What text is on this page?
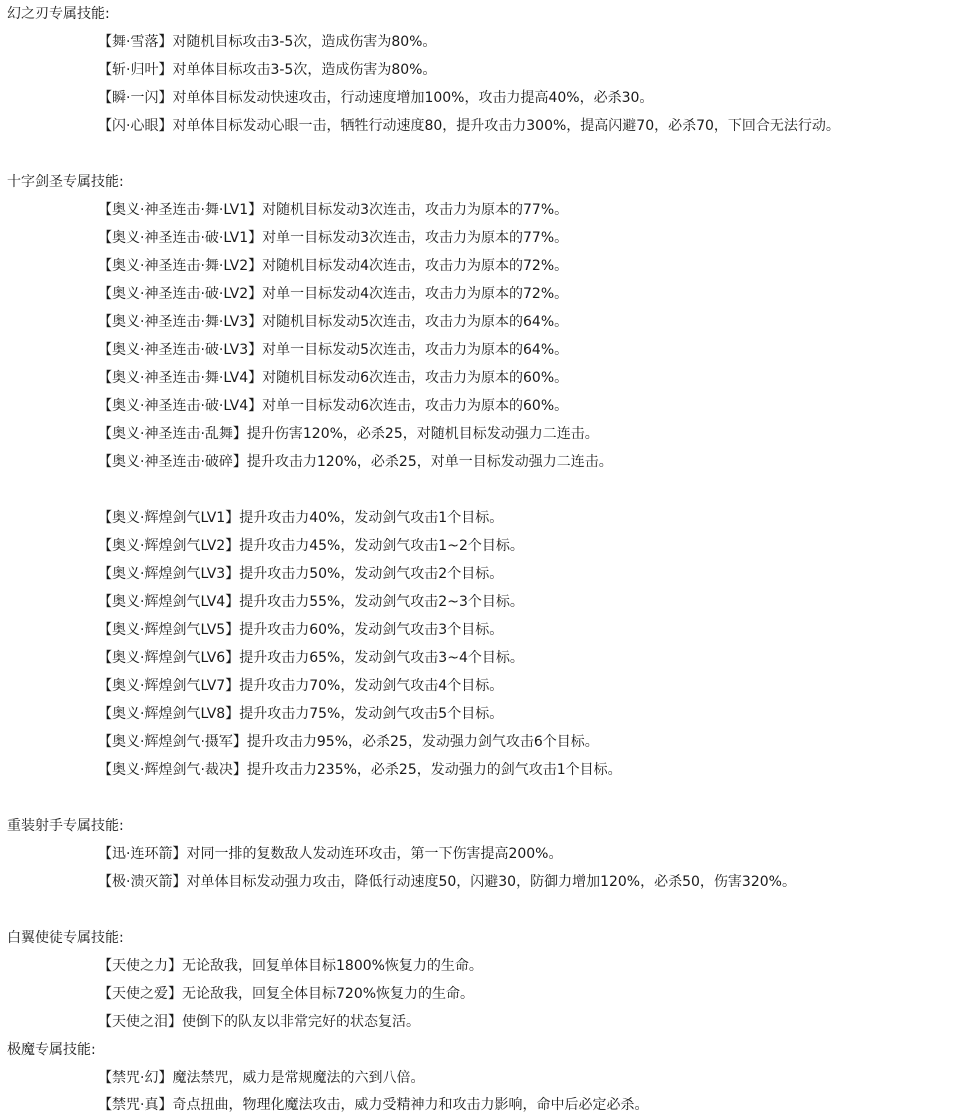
幻之刃专属技能:
【舞·雪落】对随机目标攻击3-5次，造成伤害为80%。
【斩·归叶】对单体目标攻击3-5次，造成伤害为80%。
【瞬·一闪】对单体目标发动快速攻击，行动速度增加100%，攻击力提高40%，必杀30。
【闪·心眼】对单体目标发动心眼一击，牺牲行动速度80，提升攻击力300%，提高闪避70，必杀70，下回合无法行动。
十字剑圣专属技能:
【奥义·神圣连击·舞·LV1】对随机目标发动3次连击，攻击力为原本的77%。
【奥义·神圣连击·破·LV1】对单一目标发动3次连击，攻击力为原本的77%。
【奥义·神圣连击·舞·LV2】对随机目标发动4次连击，攻击力为原本的72%。
【奥义·神圣连击·破·LV2】对单一目标发动4次连击，攻击力为原本的72%。
【奥义·神圣连击·舞·LV3】对随机目标发动5次连击，攻击力为原本的64%。
【奥义·神圣连击·破·LV3】对单一目标发动5次连击，攻击力为原本的64%。
【奥义·神圣连击·舞·LV4】对随机目标发动6次连击，攻击力为原本的60%。
【奥义·神圣连击·破·LV4】对单一目标发动6次连击，攻击力为原本的60%。
【奥义·神圣连击·乱舞】提升伤害120%，必杀25，对随机目标发动强力二连击。
【奥义·神圣连击·破碎】提升攻击力120%，必杀25，对单一目标发动强力二连击。
【奥义·辉煌剑气LV1】提升攻击力40%，发动剑气攻击1个目标。
【奥义·辉煌剑气LV2】提升攻击力45%，发动剑气攻击1~2个目标。
【奥义·辉煌剑气LV3】提升攻击力50%，发动剑气攻击2个目标。
【奥义·辉煌剑气LV4】提升攻击力55%，发动剑气攻击2~3个目标。
【奥义·辉煌剑气LV5】提升攻击力60%，发动剑气攻击3个目标。
【奥义·辉煌剑气LV6】提升攻击力65%，发动剑气攻击3~4个目标。
【奥义·辉煌剑气LV7】提升攻击力70%，发动剑气攻击4个目标。
【奥义·辉煌剑气LV8】提升攻击力75%，发动剑气攻击5个目标。
【奥义·辉煌剑气·摄军】提升攻击力95%，必杀25，发动强力剑气攻击6个目标。
【奥义·辉煌剑气·裁决】提升攻击力235%，必杀25，发动强力的剑气攻击1个目标。
重装射手专属技能:
【迅·连环箭】对同一排的复数敌人发动连环攻击，第一下伤害提高200%。
【极·溃灭箭】对单体目标发动强力攻击，降低行动速度50，闪避30，防御力增加120%，必杀50，伤害320%。
白翼使徒专属技能:
【天使之力】无论敌我，回复单体目标1800%恢复力的生命。
【天使之爱】无论敌我，回复全体目标720%恢复力的生命。
【天使之泪】使倒下的队友以非常完好的状态复活。
极魔专属技能:
【禁咒·幻】魔法禁咒，威力是常规魔法的六到八倍。
【禁咒·真】奇点扭曲，物理化魔法攻击，威力受精神力和攻击力影响，命中后必定必杀。
